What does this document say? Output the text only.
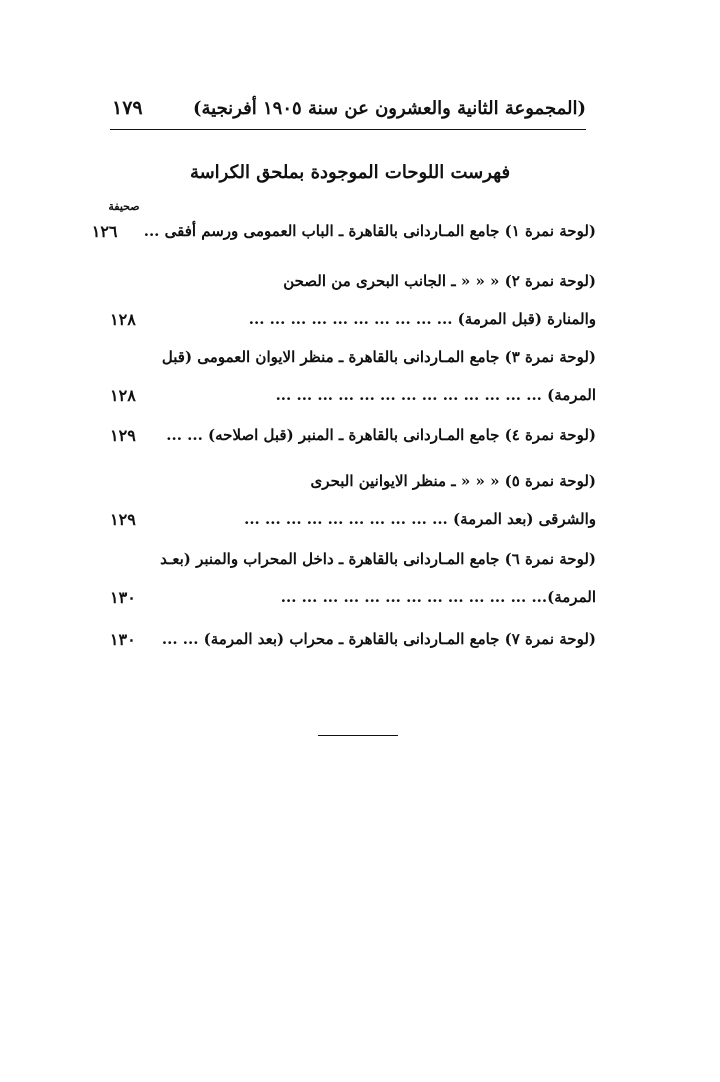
(المجموعة الثانية والعشرون عن سنة ١٩٠٥ أفرنجية)
١٧٩
فهرست اللوحات الموجودة بملحق الكراسة
صحيفة
(لوحة نمرة ١) جامع المـاردانى بالقاهرة ـ الباب العمومى ورسم أفقى ...
١٢٦
(لوحة نمرة ٢) « « « ـ الجانب البحرى من الصحن
والمنارة (قبل المرمة) ... ... ... ... ... ... ... ... ... ...
١٢٨
(لوحة نمرة ٣) جامع المـاردانى بالقاهرة ـ منظر الايوان العمومى (قبل
المرمة) ... ... ... ... ... ... ... ... ... ... ... ... ...
١٢٨
(لوحة نمرة ٤) جامع المـاردانى بالقاهرة ـ المنبر (قبل اصلاحه) ... ...
١٢٩
(لوحة نمرة ٥) « « « ـ منظر الايوانين البحرى
والشرقى (بعد المرمة) ... ... ... ... ... ... ... ... ... ...
١٢٩
(لوحة نمرة ٦) جامع المـاردانى بالقاهرة ـ داخل المحراب والمنبر (بعـد
المرمة)... ... ... ... ... ... ... ... ... ... ... ... ...
١٣٠
(لوحة نمرة ٧) جامع المـاردانى بالقاهرة ـ محراب (بعد المرمة) ... ...
١٣٠
